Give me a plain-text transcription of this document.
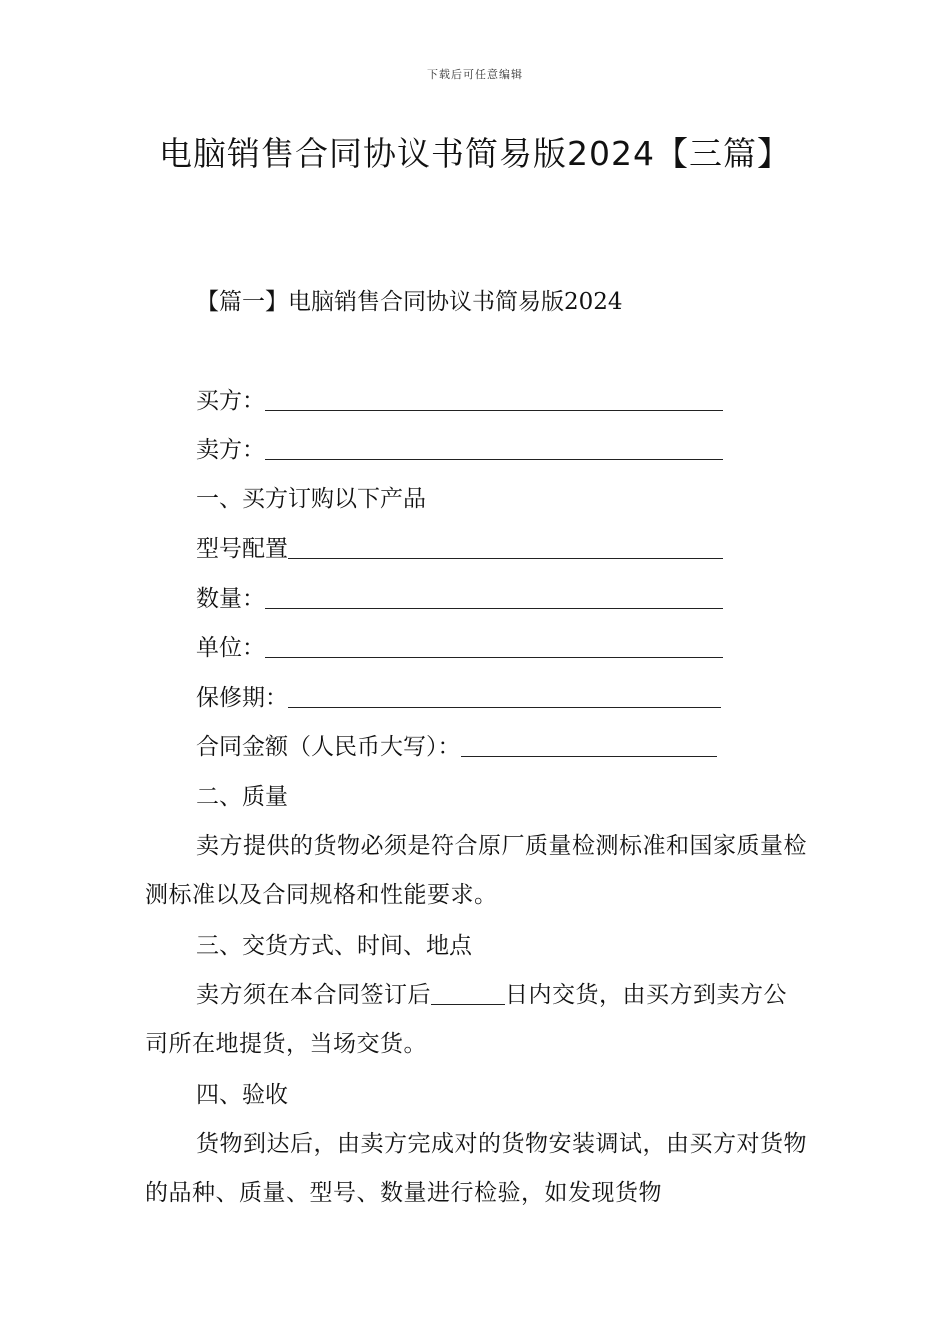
下载后可任意编辑
电脑销售合同协议书简易版2024【三篇】
【篇一】电脑销售合同协议书简易版2024
买方：
卖方：
一、买方订购以下产品
型号配置
数量：
单位：
保修期：
合同金额（人民币大写）：
二、质量

卖方提供的货物必须是符合原厂质量检测标准和国家质量检测标准以及合同规格和性能要求。

三、交货方式、时间、地点

卖方须在本合同签订后	日内交货，由买方到卖方公司所在地提货，当场交货。

四、验收

货物到达后，由卖方完成对的货物安装调试，由买方对货物的品种、质量、型号、数量进行检验，如发现货物
